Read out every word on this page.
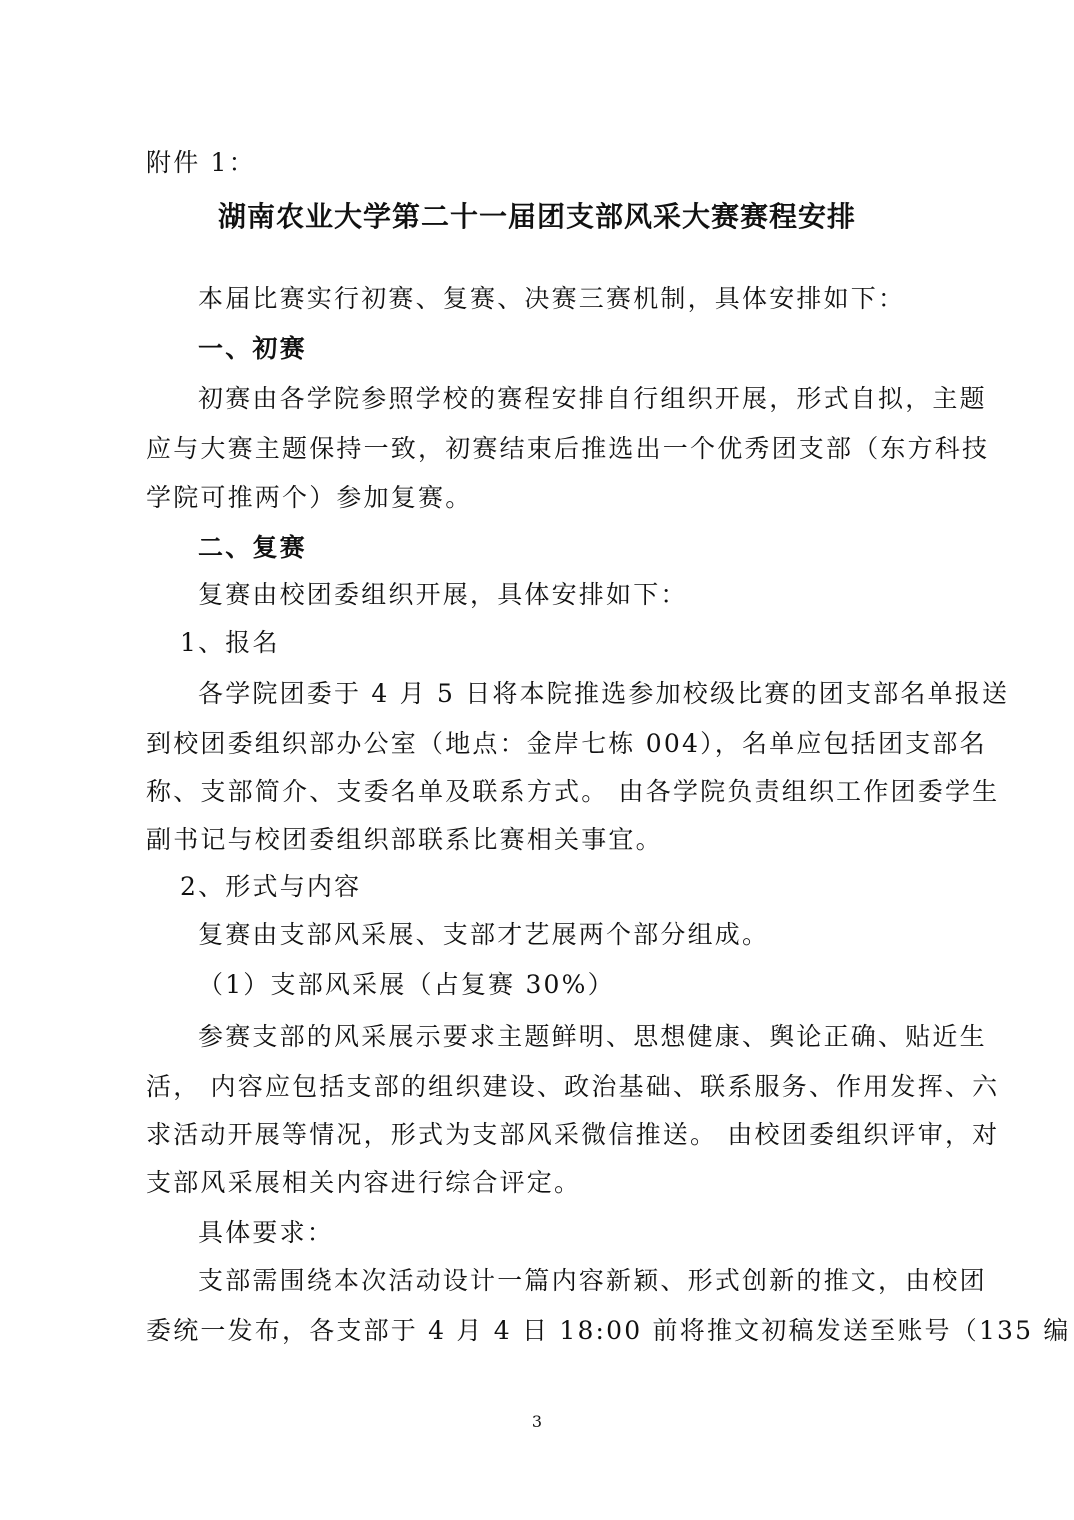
附件 1：
湖南农业大学第二十一届团支部风采大赛赛程安排
本届比赛实行初赛、复赛、决赛三赛机制，具体安排如下：
一、初赛
初赛由各学院参照学校的赛程安排自行组织开展，形式自拟，主题
应与大赛主题保持一致，初赛结束后推选出一个优秀团支部（东方科技
学院可推两个）参加复赛。
二、复赛
复赛由校团委组织开展，具体安排如下：
1、报名
各学院团委于 4 月 5 日将本院推选参加校级比赛的团支部名单报送
到校团委组织部办公室（地点：金岸七栋 004），名单应包括团支部名
称、支部简介、支委名单及联系方式。 由各学院负责组织工作团委学生
副书记与校团委组织部联系比赛相关事宜。
2、形式与内容
复赛由支部风采展、支部才艺展两个部分组成。
（1）支部风采展（占复赛 30%）
参赛支部的风采展示要求主题鲜明、思想健康、舆论正确、贴近生
活， 内容应包括支部的组织建设、政治基础、联系服务、作用发挥、六
求活动开展等情况，形式为支部风采微信推送。 由校团委组织评审，对
支部风采展相关内容进行综合评定。
具体要求：
支部需围绕本次活动设计一篇内容新颖、形式创新的推文，由校团
委统一发布，各支部于 4 月 4 日 18:00 前将推文初稿发送至账号（135 编
3
